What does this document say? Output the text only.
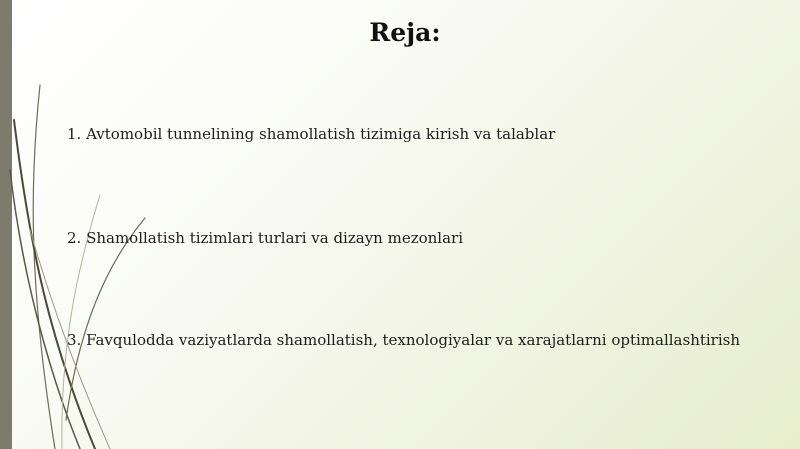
Reja:
1. Avtomobil tunnelining shamollatish tizimiga kirish va talablar
2. Shamollatish tizimlari turlari va dizayn mezonlari
3. Favqulodda vaziyatlarda shamollatish, texnologiyalar va xarajatlarni optimallashtirish
